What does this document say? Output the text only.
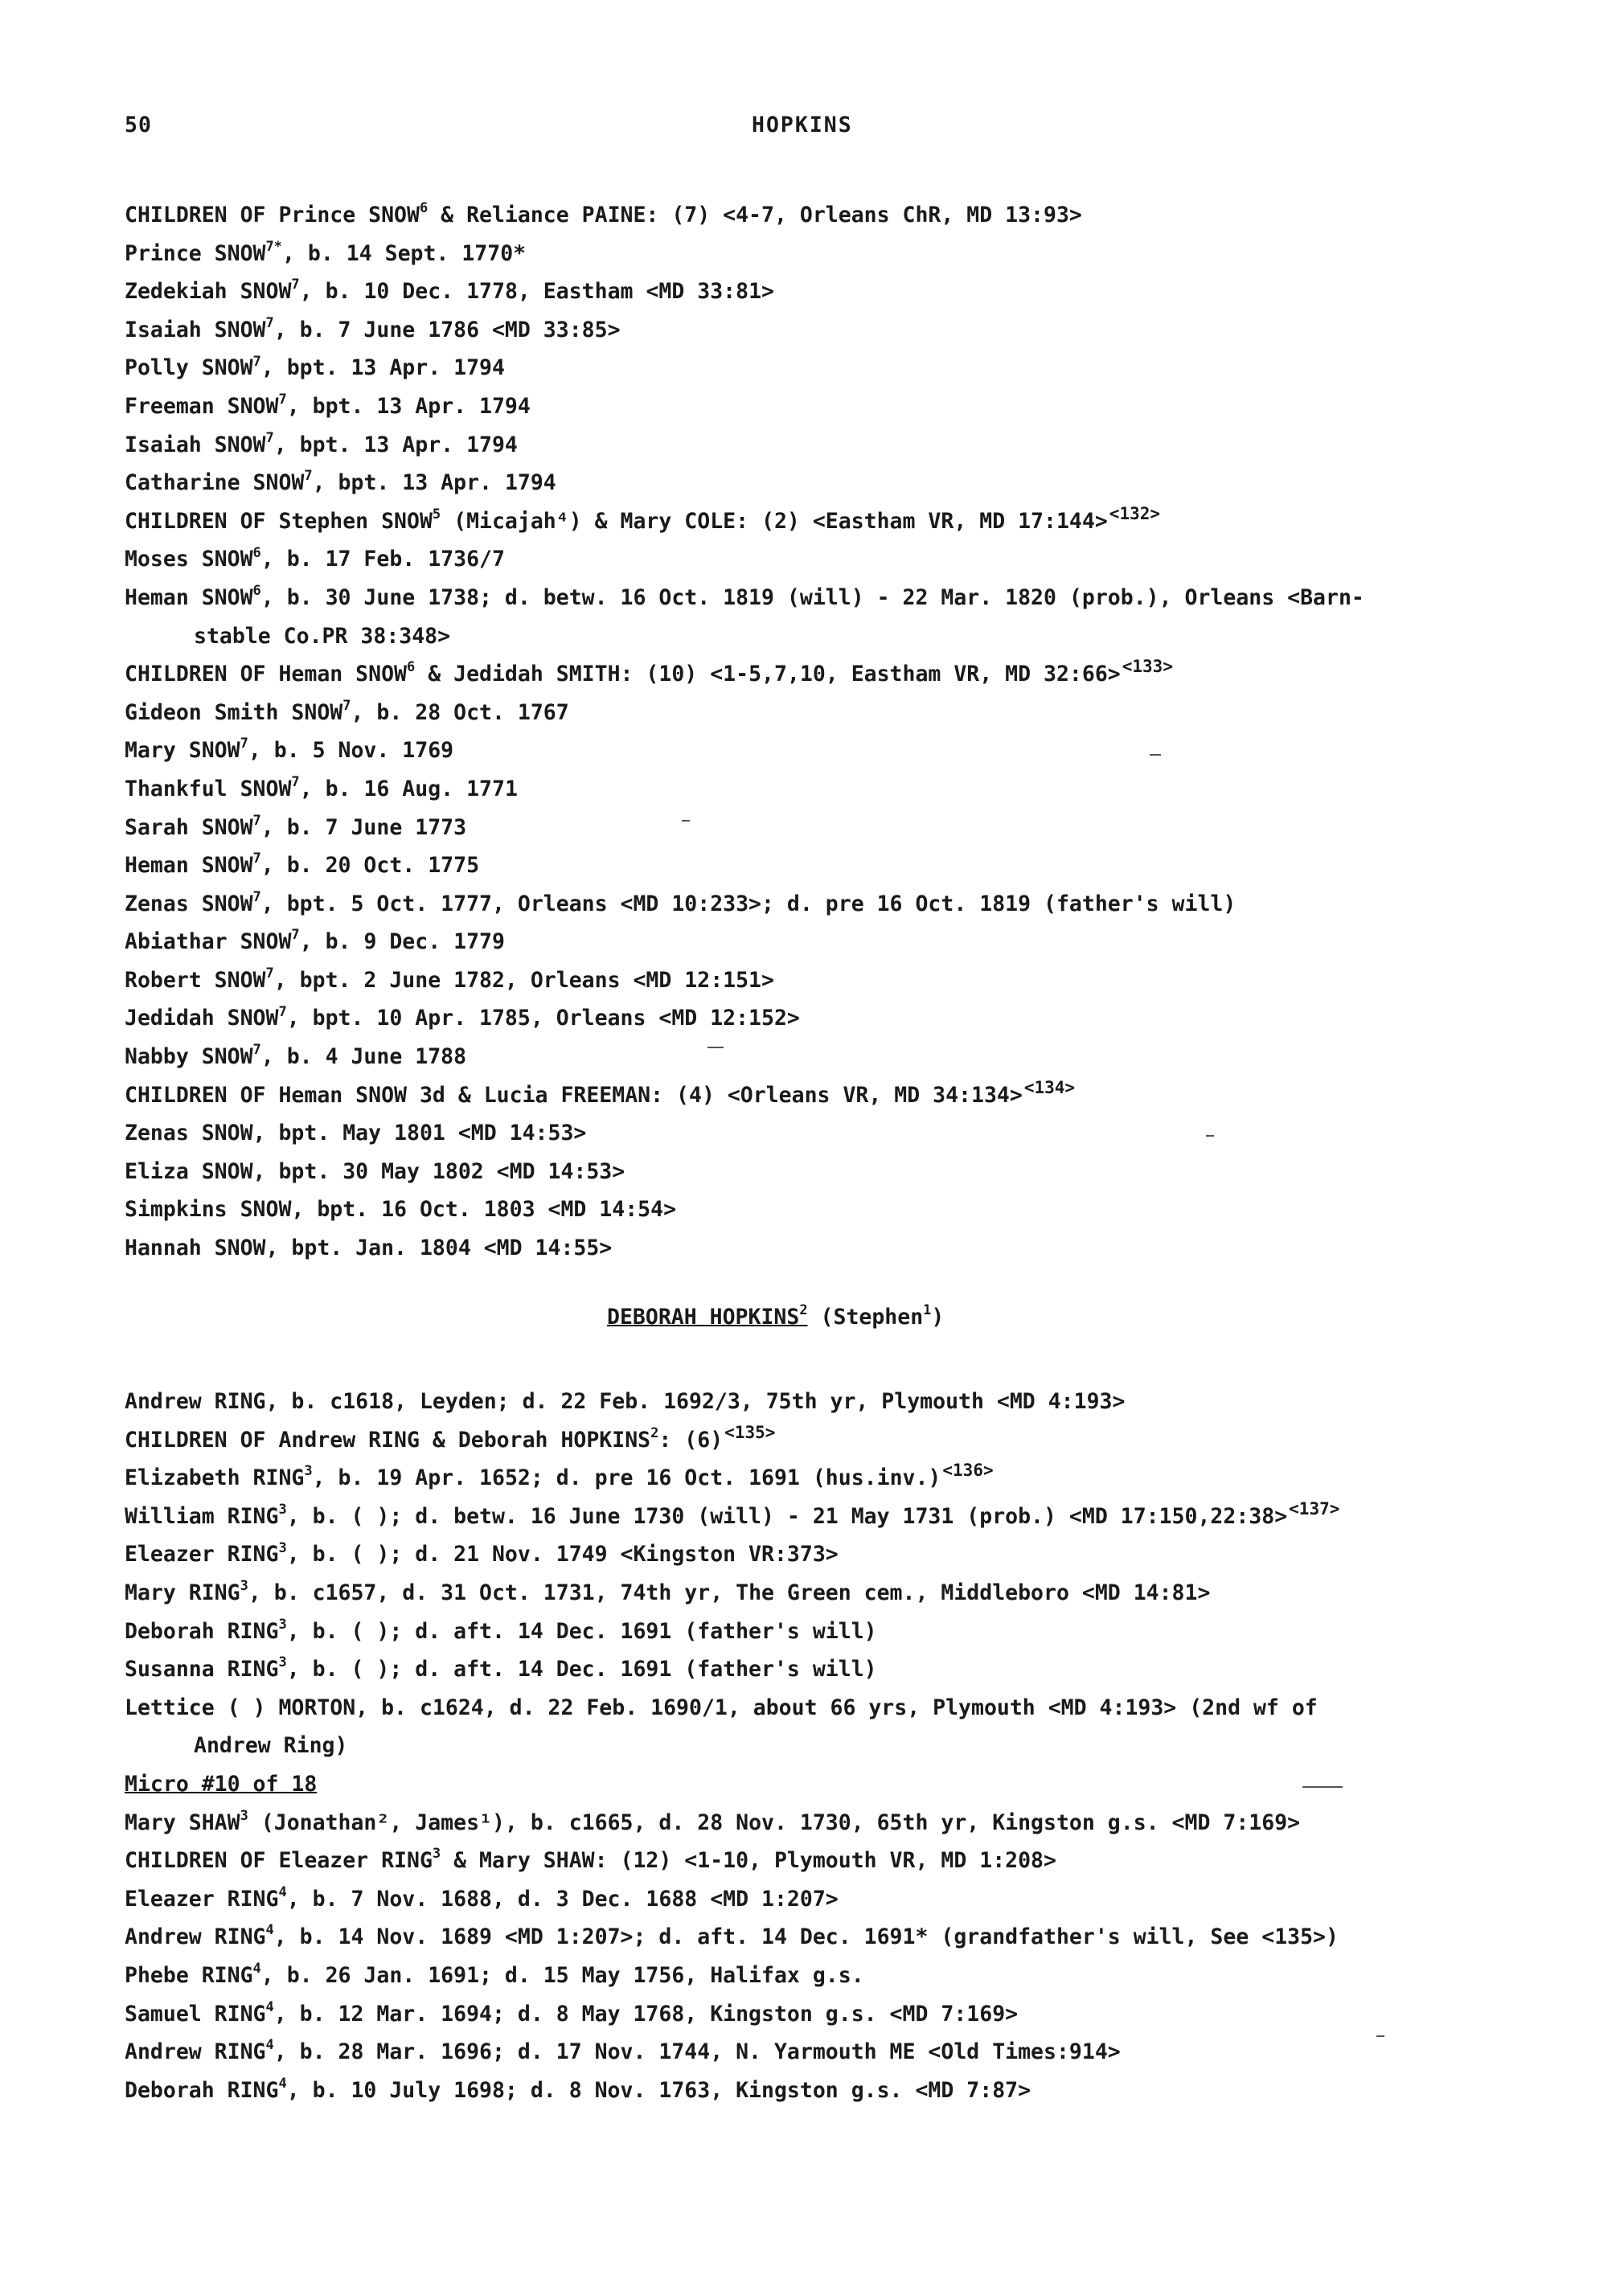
50	HOPKINS
CHILDREN OF Prince SNOW$^6$ & Reliance PAINE: (7) <4-7, Orleans ChR, MD 13:93>
Prince $SNOW^{7*}$, b. 14 Sept. 1770*
Zedekiah SNOW$^7$, b. 10 Dec. 1778, Eastham <MD 33:81>
Isaiah SNOW$^7$, b. 7 June 1786 <MD 33:85>
Polly SNOW$^7$, bpt. 13 Apr. 1794
Freeman SNOW$^7$, bpt. 13 Apr. 1794
Isaiah SNOW$^7$, bpt. 13 Apr. 1794
Catharine SNOW$^7$, bpt. 13 Apr. 1794
CHILDREN OF Stephen SNOW$^5$ (Micajah⁴) & Mary COLE: (2) <Eastham VR, MD 17:144>$^{<132>}$
Moses SNOW$^6$, b. 17 Feb. 1736/7
Heman SNOW$^6$, b. 30 June 1738; d. betw. 16 Oct. 1819 (will) - 22 Mar. 1820 (prob.), Orleans <Barn-
stable Co.PR 38:348>
CHILDREN OF Heman SNOW$^6$ & Jedidah SMITH: (10) <1-5,7,10, Eastham VR, MD 32:66>$^{<133>}$
Gideon Smith SNOW$^7$, b. 28 Oct. 1767
Mary SNOW$^7$, b. 5 Nov. 1769
Thankful SNOW$^7$, b. 16 Aug. 1771
Sarah SNOW$^7$, b. 7 June 1773
Heman SNOW$^7$, b. 20 Oct. 1775
Zenas SNOW$^7$, bpt. 5 Oct. 1777, Orleans <MD 10:233>; d. pre 16 Oct. 1819 (father's will)
Abiathar SNOW$^7$, b. 9 Dec. 1779
Robert SNOW$^7$, bpt. 2 June 1782, Orleans <MD 12:151>
Jedidah SNOW$^7$, bpt. 10 Apr. 1785, Orleans <MD 12:152>
Nabby SNOW$^7$, b. 4 June 1788
CHILDREN OF Heman SNOW 3d & Lucia FREEMAN: (4) <Orleans VR, MD 34:134>$^{<134>}$
Zenas SNOW, bpt. May 1801 <MD 14:53>
Eliza SNOW, bpt. 30 May 1802 <MD 14:53>
Simpkins SNOW, bpt. 16 Oct. 1803 <MD 14:54>
Hannah SNOW, bpt. Jan. 1804 <MD 14:55>
DEBORAH HOPKINS$^2$ (Stephen$^1$)
Andrew RING, b. c1618, Leyden; d. 22 Feb. 1692/3, 75th yr, Plymouth <MD 4:193>
CHILDREN OF Andrew RING & Deborah HOPKINS$^2$: (6)$^{<135>}$
Elizabeth RING$^3$, b. 19 Apr. 1652; d. pre 16 Oct. 1691 (hus.inv.)$^{<136>}$
William RING$^3$, b. ( ); d. betw. 16 June 1730 (will) - 21 May 1731 (prob.) <MD 17:150,22:38>$^{<137>}$
Eleazer RING$^3$, b. ( ); d. 21 Nov. 1749 <Kingston VR:373>
Mary RING$^3$, b. c1657, d. 31 Oct. 1731, 74th yr, The Green cem., Middleboro <MD 14:81>
Deborah RING$^3$, b. ( ); d. aft. 14 Dec. 1691 (father's will)
Susanna RING$^3$, b. ( ); d. aft. 14 Dec. 1691 (father's will)
Lettice ( ) MORTON, b. c1624, d. 22 Feb. 1690/1, about 66 yrs, Plymouth <MD 4:193> (2nd wf of
Andrew Ring)
Micro #10 of 18
Mary SHAW$^3$ (Jonathan², James¹), b. c1665, d. 28 Nov. 1730, 65th yr, Kingston g.s. <MD 7:169>
CHILDREN OF Eleazer RING$^3$ & Mary SHAW: (12) <1-10, Plymouth VR, MD 1:208>
Eleazer RING$^4$, b. 7 Nov. 1688, d. 3 Dec. 1688 <MD 1:207>
Andrew RING$^4$, b. 14 Nov. 1689 <MD 1:207>; d. aft. 14 Dec. 1691* (grandfather's will, See <135>)
Phebe RING$^4$, b. 26 Jan. 1691; d. 15 May 1756, Halifax g.s.
Samuel RING$^4$, b. 12 Mar. 1694; d. 8 May 1768, Kingston g.s. <MD 7:169>
Andrew RING$^4$, b. 28 Mar. 1696; d. 17 Nov. 1744, N. Yarmouth ME <Old Times:914>
Deborah RING$^4$, b. 10 July 1698; d. 8 Nov. 1763, Kingston g.s. <MD 7:87>
